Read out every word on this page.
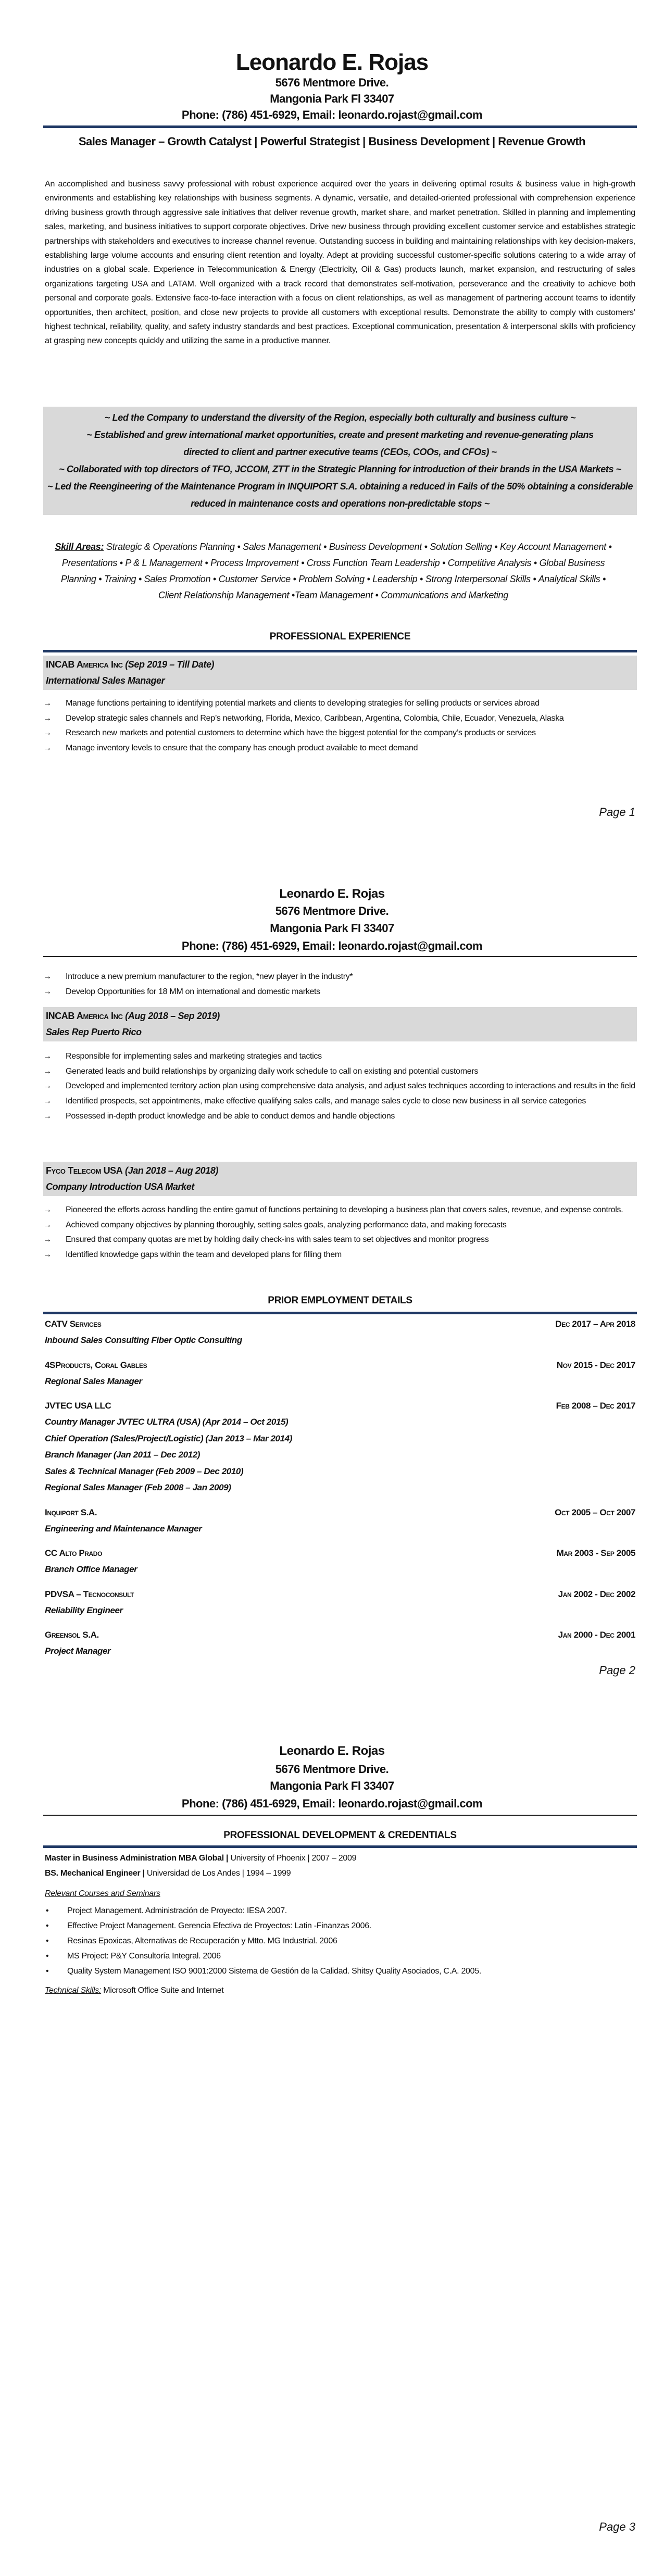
Leonardo E. Rojas
5676 Mentmore Drive.
Mangonia Park Fl 33407
Phone: (786) 451-6929, Email: leonardo.rojast@gmail.com
Sales Manager – Growth Catalyst | Powerful Strategist | Business Development | Revenue Growth
An accomplished and business savvy professional with robust experience acquired over the years in delivering optimal results & business value in high-growth environments and establishing key relationships with business segments. A dynamic, versatile, and detailed-oriented professional with comprehension experience driving business growth through aggressive sale initiatives that deliver revenue growth, market share, and market penetration. Skilled in planning and implementing sales, marketing, and business initiatives to support corporate objectives. Drive new business through providing excellent customer service and establishes strategic partnerships with stakeholders and executives to increase channel revenue. Outstanding success in building and maintaining relationships with key decision-makers, establishing large volume accounts and ensuring client retention and loyalty. Adept at providing successful customer-specific solutions catering to a wide array of industries on a global scale. Experience in Telecommunication & Energy (Electricity, Oil & Gas) products launch, market expansion, and restructuring of sales organizations targeting USA and LATAM. Well organized with a track record that demonstrates self-motivation, perseverance and the creativity to achieve both personal and corporate goals. Extensive face-to-face interaction with a focus on client relationships, as well as management of partnering account teams to identify opportunities, then architect, position, and close new projects to provide all customers with exceptional results. Demonstrate the ability to comply with customers’ highest technical, reliability, quality, and safety industry standards and best practices. Exceptional communication, presentation & interpersonal skills with proficiency at grasping new concepts quickly and utilizing the same in a productive manner.
~ Led the Company to understand the diversity of the Region, especially both culturally and business culture ~
~ Established and grew international market opportunities, create and present marketing and revenue-generating plans directed to client and partner executive teams (CEOs, COOs, and CFOs) ~
~ Collaborated with top directors of TFO, JCCOM, ZTT in the Strategic Planning for introduction of their brands in the USA Markets ~
~ Led the Reengineering of the Maintenance Program in INQUIPORT S.A. obtaining a reduced in Fails of the 50% obtaining a considerable reduced in maintenance costs and operations non-predictable stops ~
Skill Areas: Strategic & Operations Planning • Sales Management • Business Development • Solution Selling • Key Account Management • Presentations • P & L Management • Process Improvement • Cross Function Team Leadership • Competitive Analysis • Global Business Planning • Training • Sales Promotion • Customer Service • Problem Solving • Leadership • Strong Interpersonal Skills • Analytical Skills • Client Relationship Management •Team Management • Communications and Marketing
PROFESSIONAL EXPERIENCE
INCAB America Inc (Sep 2019 – Till Date)
International Sales Manager
→ Manage functions pertaining to identifying potential markets and clients to developing strategies for selling products or services abroad
→ Develop strategic sales channels and Rep’s networking, Florida, Mexico, Caribbean, Argentina, Colombia, Chile, Ecuador, Venezuela, Alaska
→ Research new markets and potential customers to determine which have the biggest potential for the company’s products or services
→ Manage inventory levels to ensure that the company has enough product available to meet demand
Page 1
Leonardo E. Rojas
5676 Mentmore Drive.
Mangonia Park Fl 33407
Phone: (786) 451-6929, Email: leonardo.rojast@gmail.com
→ Introduce a new premium manufacturer to the region, *new player in the industry*
→ Develop Opportunities for 18 MM on international and domestic markets
INCAB America Inc (Aug 2018 – Sep 2019)
Sales Rep Puerto Rico
→ Responsible for implementing sales and marketing strategies and tactics
→ Generated leads and build relationships by organizing daily work schedule to call on existing and potential customers
→ Developed and implemented territory action plan using comprehensive data analysis, and adjust sales techniques according to interactions and results in the field
→ Identified prospects, set appointments, make effective qualifying sales calls, and manage sales cycle to close new business in all service categories
→ Possessed in-depth product knowledge and be able to conduct demos and handle objections
Fyco Telecom USA (Jan 2018 – Aug 2018)
Company Introduction USA Market
→ Pioneered the efforts across handling the entire gamut of functions pertaining to developing a business plan that covers sales, revenue, and expense controls.
→ Achieved company objectives by planning thoroughly, setting sales goals, analyzing performance data, and making forecasts
→ Ensured that company quotas are met by holding daily check-ins with sales team to set objectives and monitor progress
→ Identified knowledge gaps within the team and developed plans for filling them
PRIOR EMPLOYMENT DETAILS
CATV Services	Dec 2017 – Apr 2018
Inbound Sales Consulting Fiber Optic Consulting
4SProducts, Coral Gables	Nov 2015 - Dec 2017
Regional Sales Manager
JVTEC USA LLC	Feb 2008 – Dec 2017
Country Manager JVTEC ULTRA (USA) (Apr 2014 – Oct 2015)
Chief Operation (Sales/Project/Logistic) (Jan 2013 – Mar 2014)
Branch Manager (Jan 2011 – Dec 2012)
Sales & Technical Manager (Feb 2009 – Dec 2010)
Regional Sales Manager (Feb 2008 – Jan 2009)
Inquiport S.A.	Oct 2005 – Oct 2007
Engineering and Maintenance Manager
CC Alto Prado	Mar 2003 - Sep 2005
Branch Office Manager
PDVSA – Tecnoconsult	Jan 2002 - Dec 2002
Reliability Engineer
Greensol S.A.	Jan 2000 - Dec 2001
Project Manager
Page 2
Leonardo E. Rojas
5676 Mentmore Drive.
Mangonia Park Fl 33407
Phone: (786) 451-6929, Email: leonardo.rojast@gmail.com
PROFESSIONAL DEVELOPMENT & CREDENTIALS
Master in Business Administration MBA Global | University of Phoenix | 2007 – 2009
BS. Mechanical Engineer | Universidad de Los Andes | 1994 – 1999
Relevant Courses and Seminars
• Project Management. Administración de Proyecto: IESA 2007.
• Effective Project Management. Gerencia Efectiva de Proyectos: Latin -Finanzas 2006.
• Resinas Epoxicas, Alternativas de Recuperación y Mtto. MG Industrial. 2006
• MS Project: P&Y Consultoría Integral. 2006
• Quality System Management ISO 9001:2000 Sistema de Gestión de la Calidad. Shitsy Quality Asociados, C.A. 2005.
Technical Skills: Microsoft Office Suite and Internet
Page 3
